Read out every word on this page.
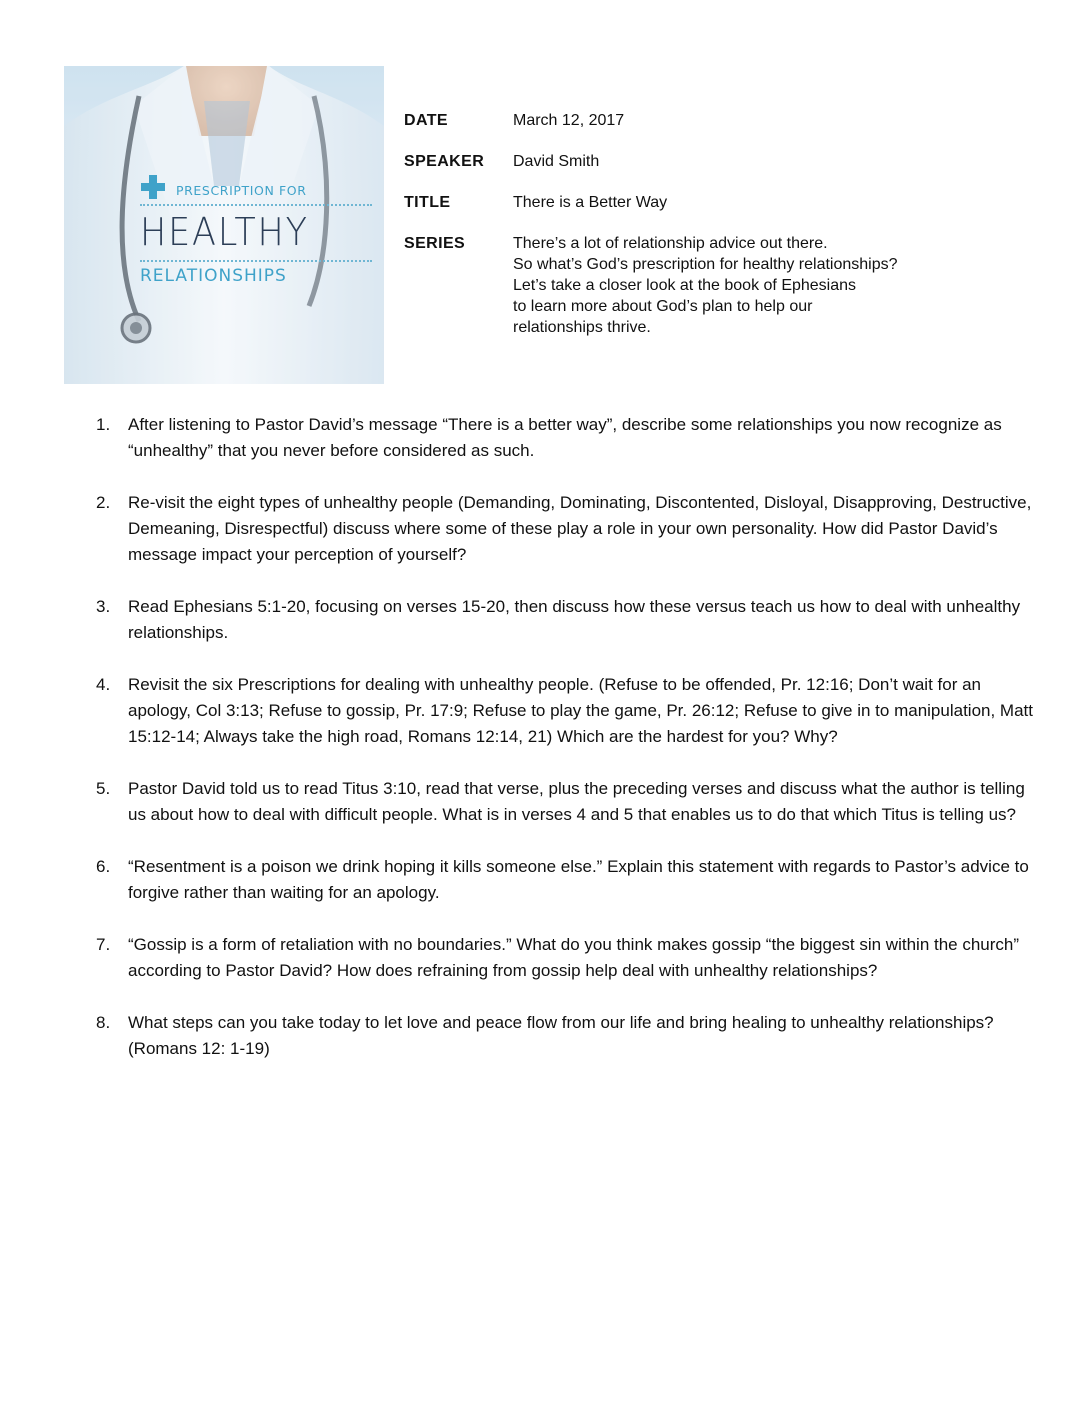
PRESCRIPTION FOR
HEALTHY
RELATIONSHIPS
DATE	March 12, 2017
SPEAKER	David Smith
TITLE	There is a Better Way
SERIES	There’s a lot of relationship advice out there.
So what’s God’s prescription for healthy relationships?
Let’s take a closer look at the book of Ephesians
to learn more about God’s plan to help our
relationships thrive.
1.	After listening to Pastor David’s message “There is a better way”, describe some relationships you now recognize as “unhealthy” that you never before considered as such.
2.	Re-visit the eight types of unhealthy people (Demanding, Dominating, Discontented, Disloyal, Disapproving, Destructive, Demeaning, Disrespectful) discuss where some of these play a role in your own personality. How did Pastor David’s message impact your perception of yourself?
3.	Read Ephesians 5:1-20, focusing on verses 15-20, then discuss how these versus teach us how to deal with unhealthy relationships.
4.	Revisit the six Prescriptions for dealing with unhealthy people. (Refuse to be offended, Pr. 12:16; Don’t wait for an apology, Col 3:13; Refuse to gossip, Pr. 17:9; Refuse to play the game, Pr. 26:12; Refuse to give in to manipulation, Matt 15:12-14; Always take the high road, Romans 12:14, 21) Which are the hardest for you? Why?
5.	Pastor David told us to read Titus 3:10, read that verse, plus the preceding verses and discuss what the author is telling us about how to deal with difficult people. What is in verses 4 and 5 that enables us to do that which Titus is telling us?
6.	“Resentment is a poison we drink hoping it kills someone else.” Explain this statement with regards to Pastor’s advice to forgive rather than waiting for an apology.
7.	“Gossip is a form of retaliation with no boundaries.” What do you think makes gossip “the biggest sin within the church” according to Pastor David? How does refraining from gossip help deal with unhealthy relationships?
8.	What steps can you take today to let love and peace flow from our life and bring healing to unhealthy relationships? (Romans 12: 1-19)
